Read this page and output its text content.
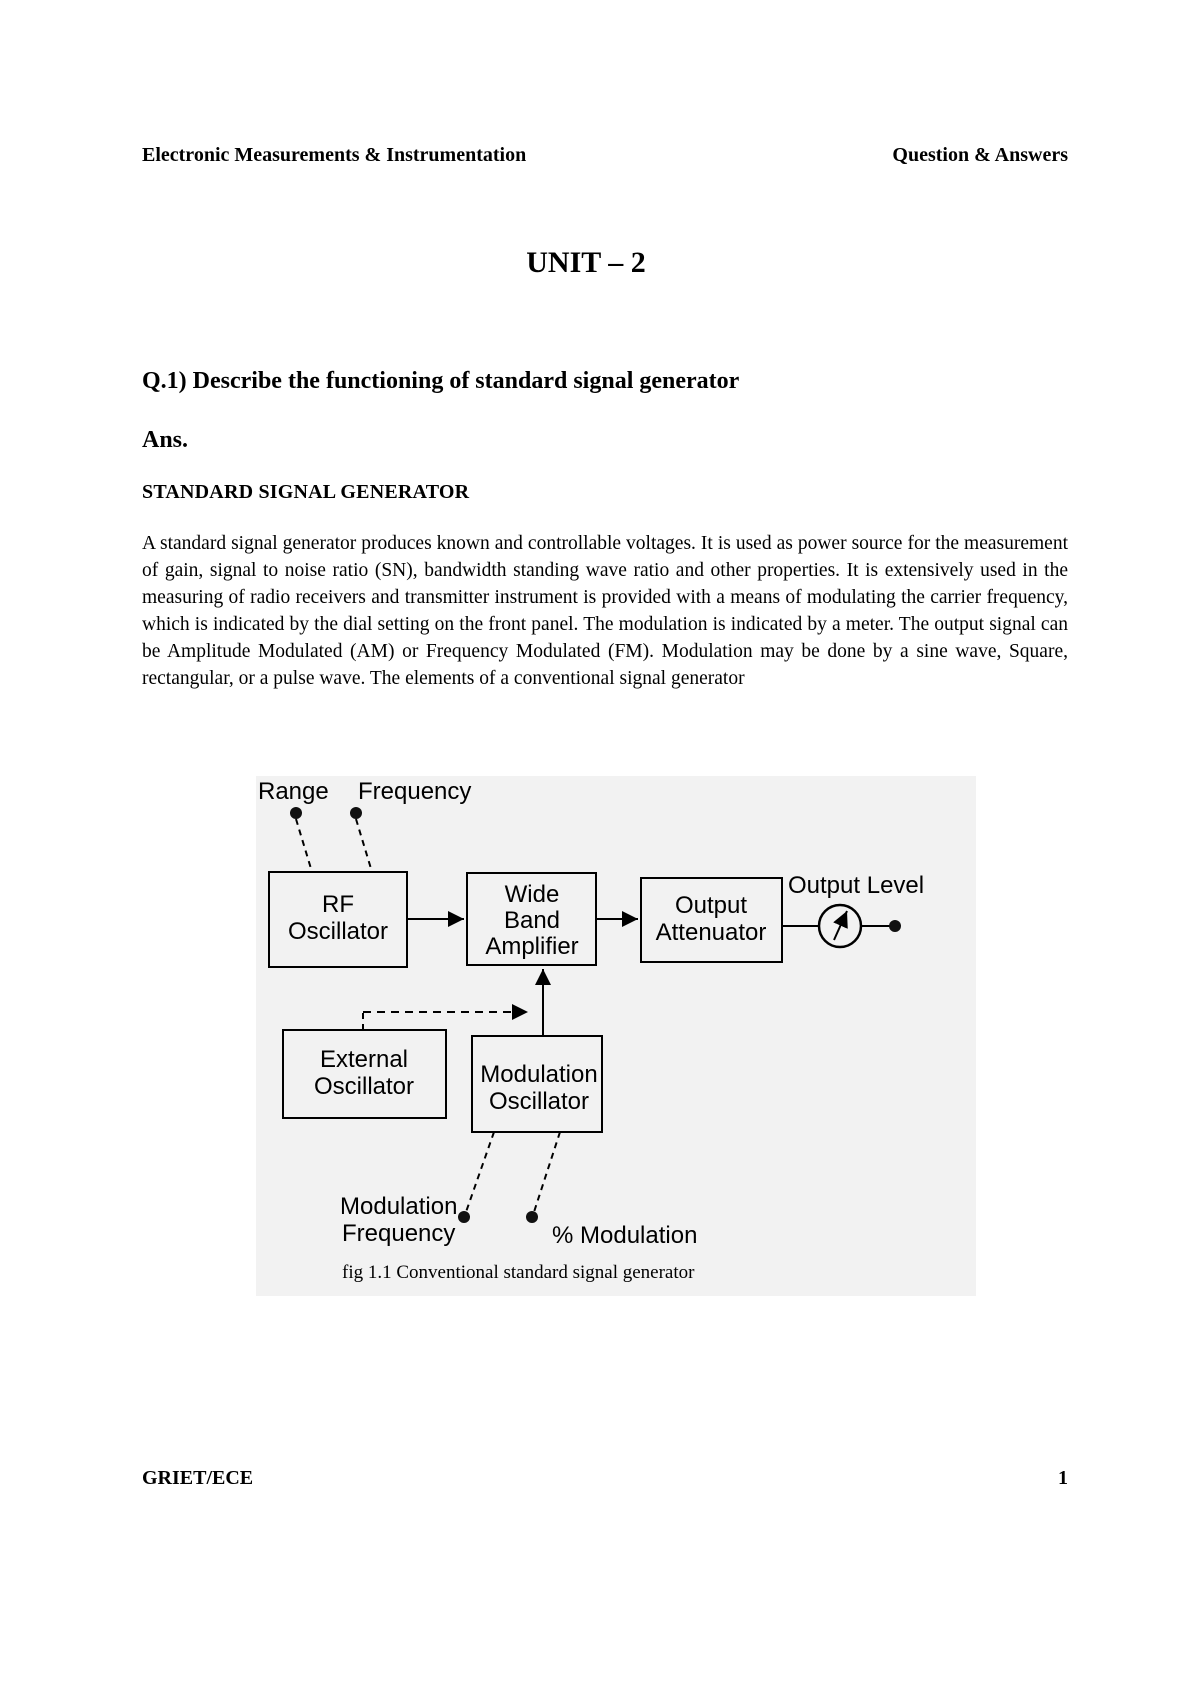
Electronic Measurements & Instrumentation	Question & Answers
UNIT – 2
Q.1) Describe the functioning of standard signal generator
Ans.
STANDARD SIGNAL GENERATOR
A standard signal generator produces known and controllable voltages. It is used as power source for the measurement of gain, signal to noise ratio (SN), bandwidth standing wave ratio and other properties. It is extensively used in the measuring of radio receivers and transmitter instrument is provided with a means of modulating the carrier frequency, which is indicated by the dial setting on the front panel. The modulation is indicated by a meter. The output signal can be Amplitude Modulated (AM) or Frequency Modulated (FM). Modulation may be done by a sine wave, Square, rectangular, or a pulse wave. The elements of a conventional signal generator
Range Frequency
RF
Oscillator
Wide
Band
Amplifier
Output
Attenuator
Output Level
External
Oscillator	Modulation
Oscillator
Modulation
Frequency	% Modulation
fig 1.1 Conventional standard signal generator
GRIET/ECE	1
